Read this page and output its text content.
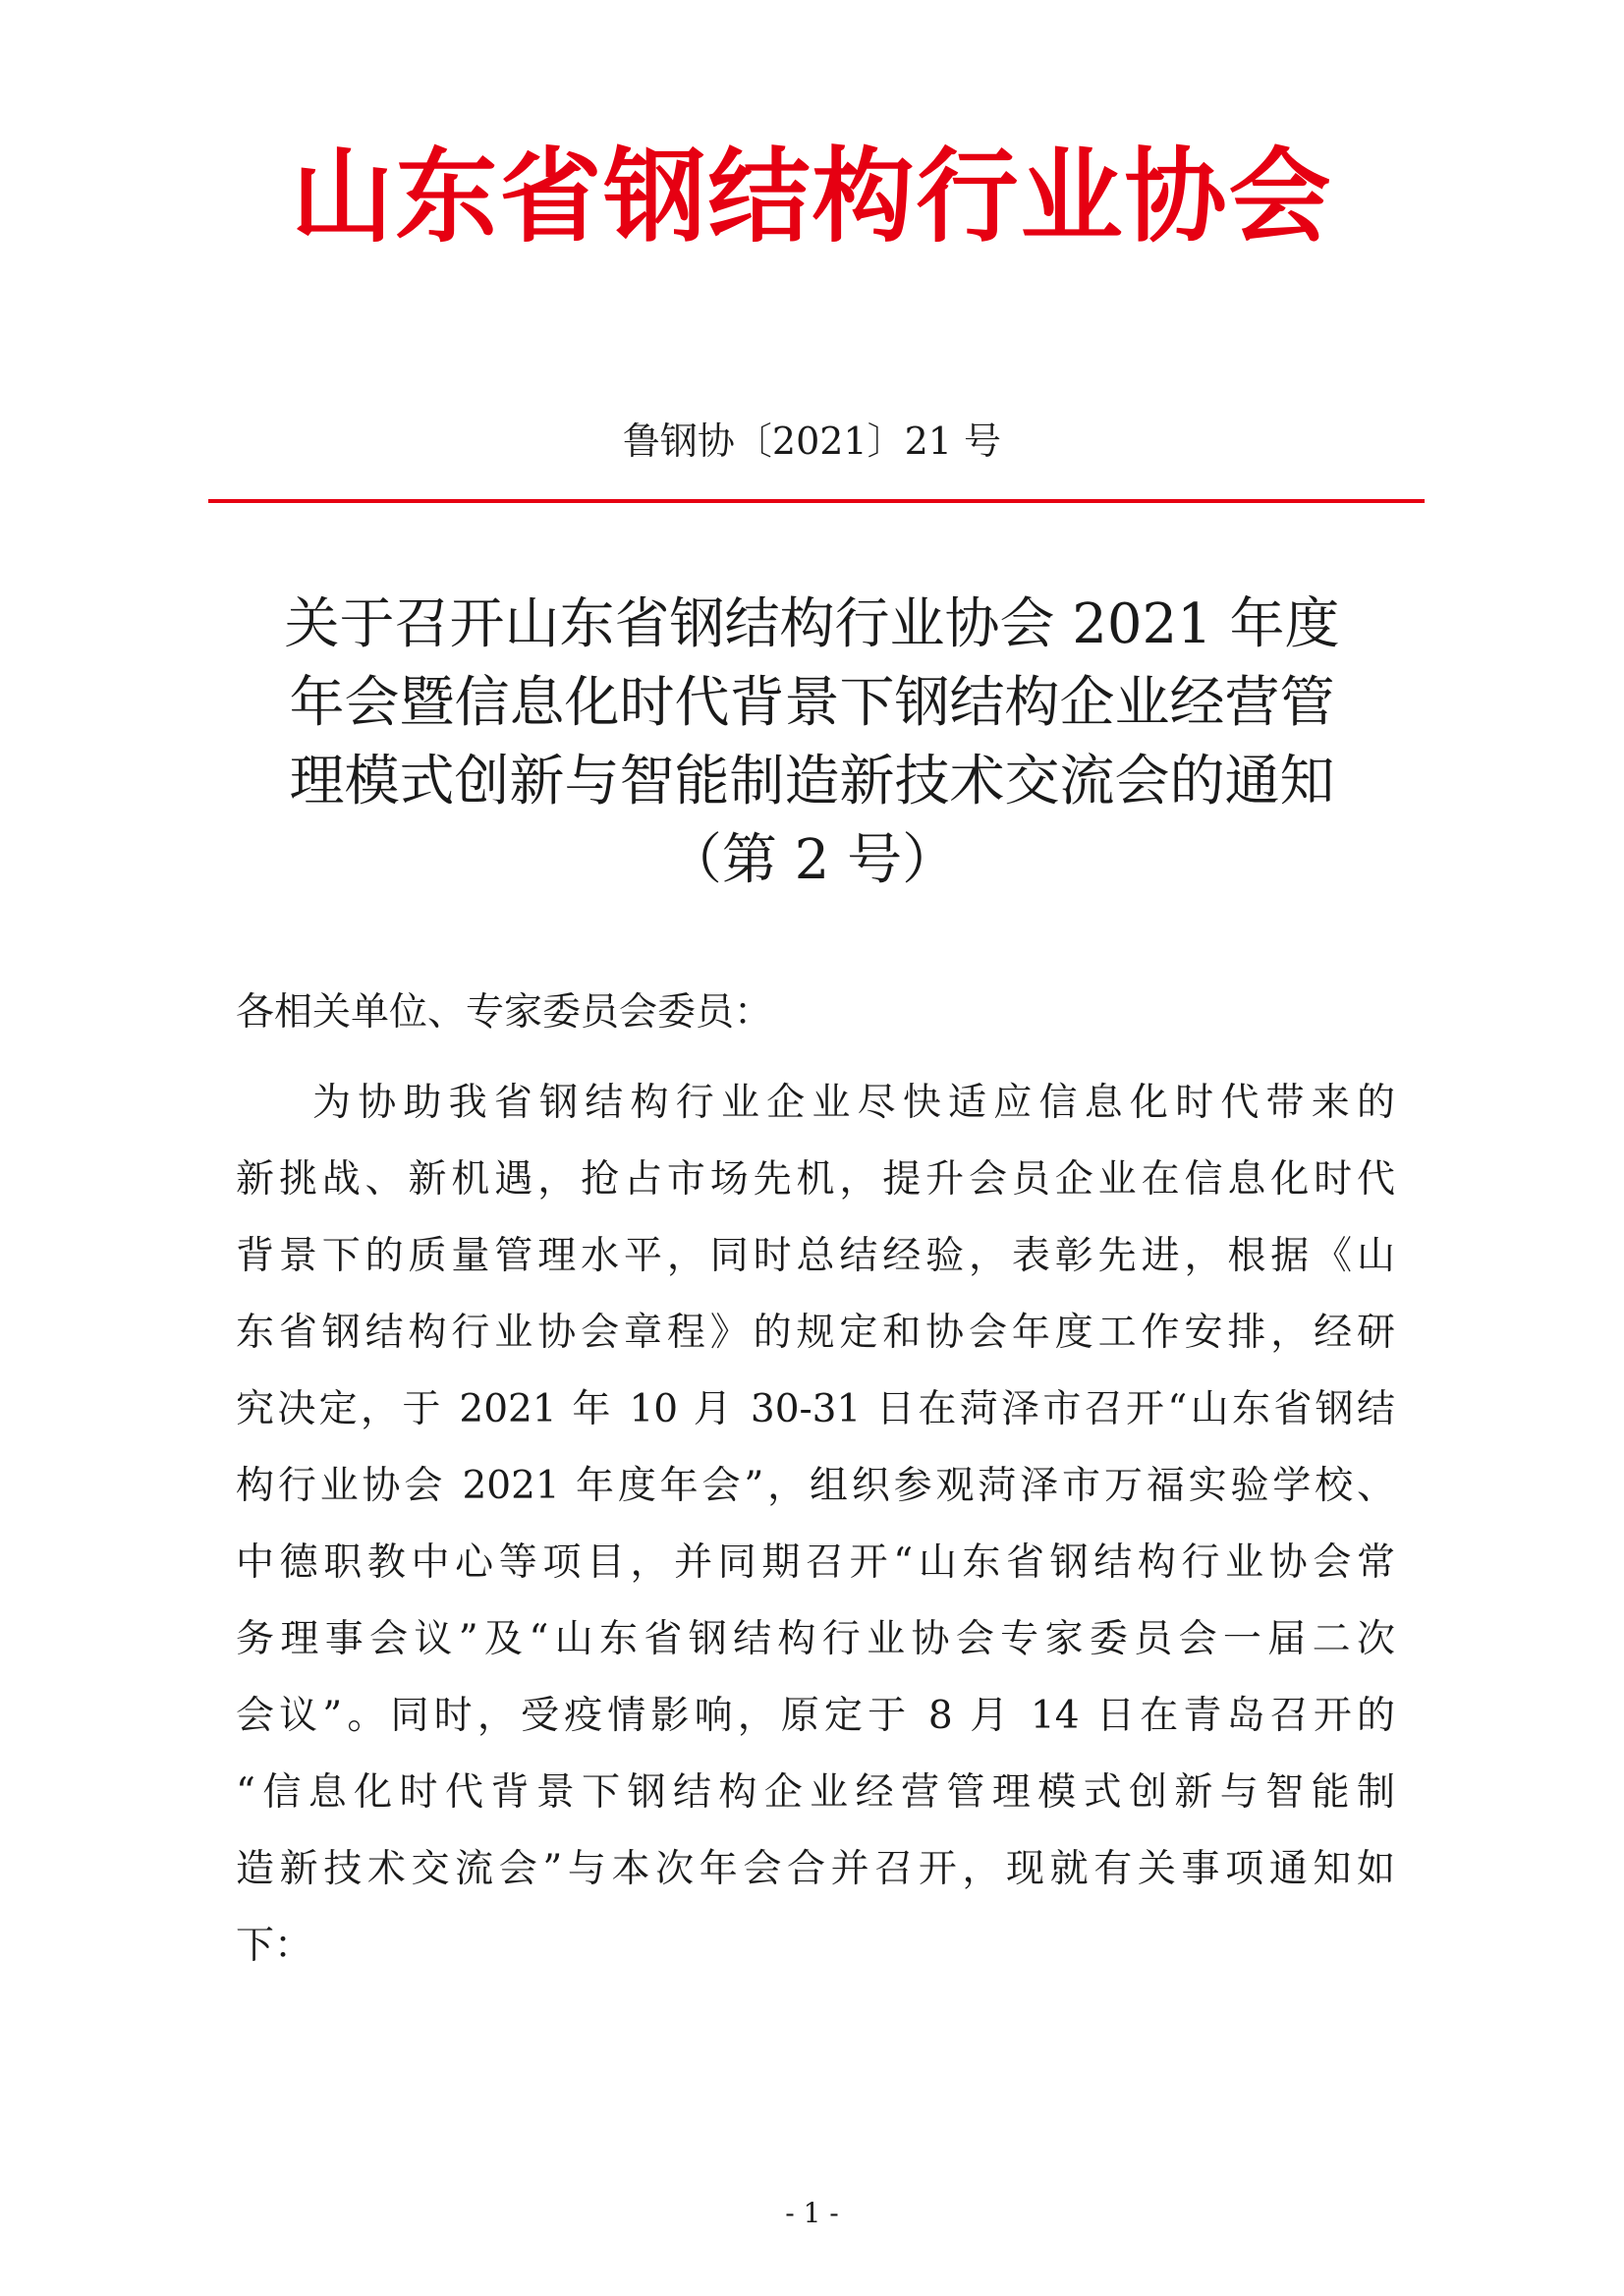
山东省钢结构行业协会
鲁钢协〔2021〕21 号
关于召开山东省钢结构行业协会 2021 年度
年会暨信息化时代背景下钢结构企业经营管
理模式创新与智能制造新技术交流会的通知
（第 2 号）
各相关单位、专家委员会委员：
为协助我省钢结构行业企业尽快适应信息化时代带来的
新挑战、新机遇，抢占市场先机，提升会员企业在信息化时代
背景下的质量管理水平，同时总结经验，表彰先进，根据《山
东省钢结构行业协会章程》的规定和协会年度工作安排，经研
究决定，于 2021 年 10 月 30-31 日在菏泽市召开“山东省钢结
构行业协会 2021 年度年会”，组织参观菏泽市万福实验学校、
中德职教中心等项目，并同期召开“山东省钢结构行业协会常
务理事会议”及“山东省钢结构行业协会专家委员会一届二次
会议”。同时，受疫情影响，原定于 8 月 14 日在青岛召开的
“信息化时代背景下钢结构企业经营管理模式创新与智能制
造新技术交流会”与本次年会合并召开，现就有关事项通知如
下：
- 1 -
